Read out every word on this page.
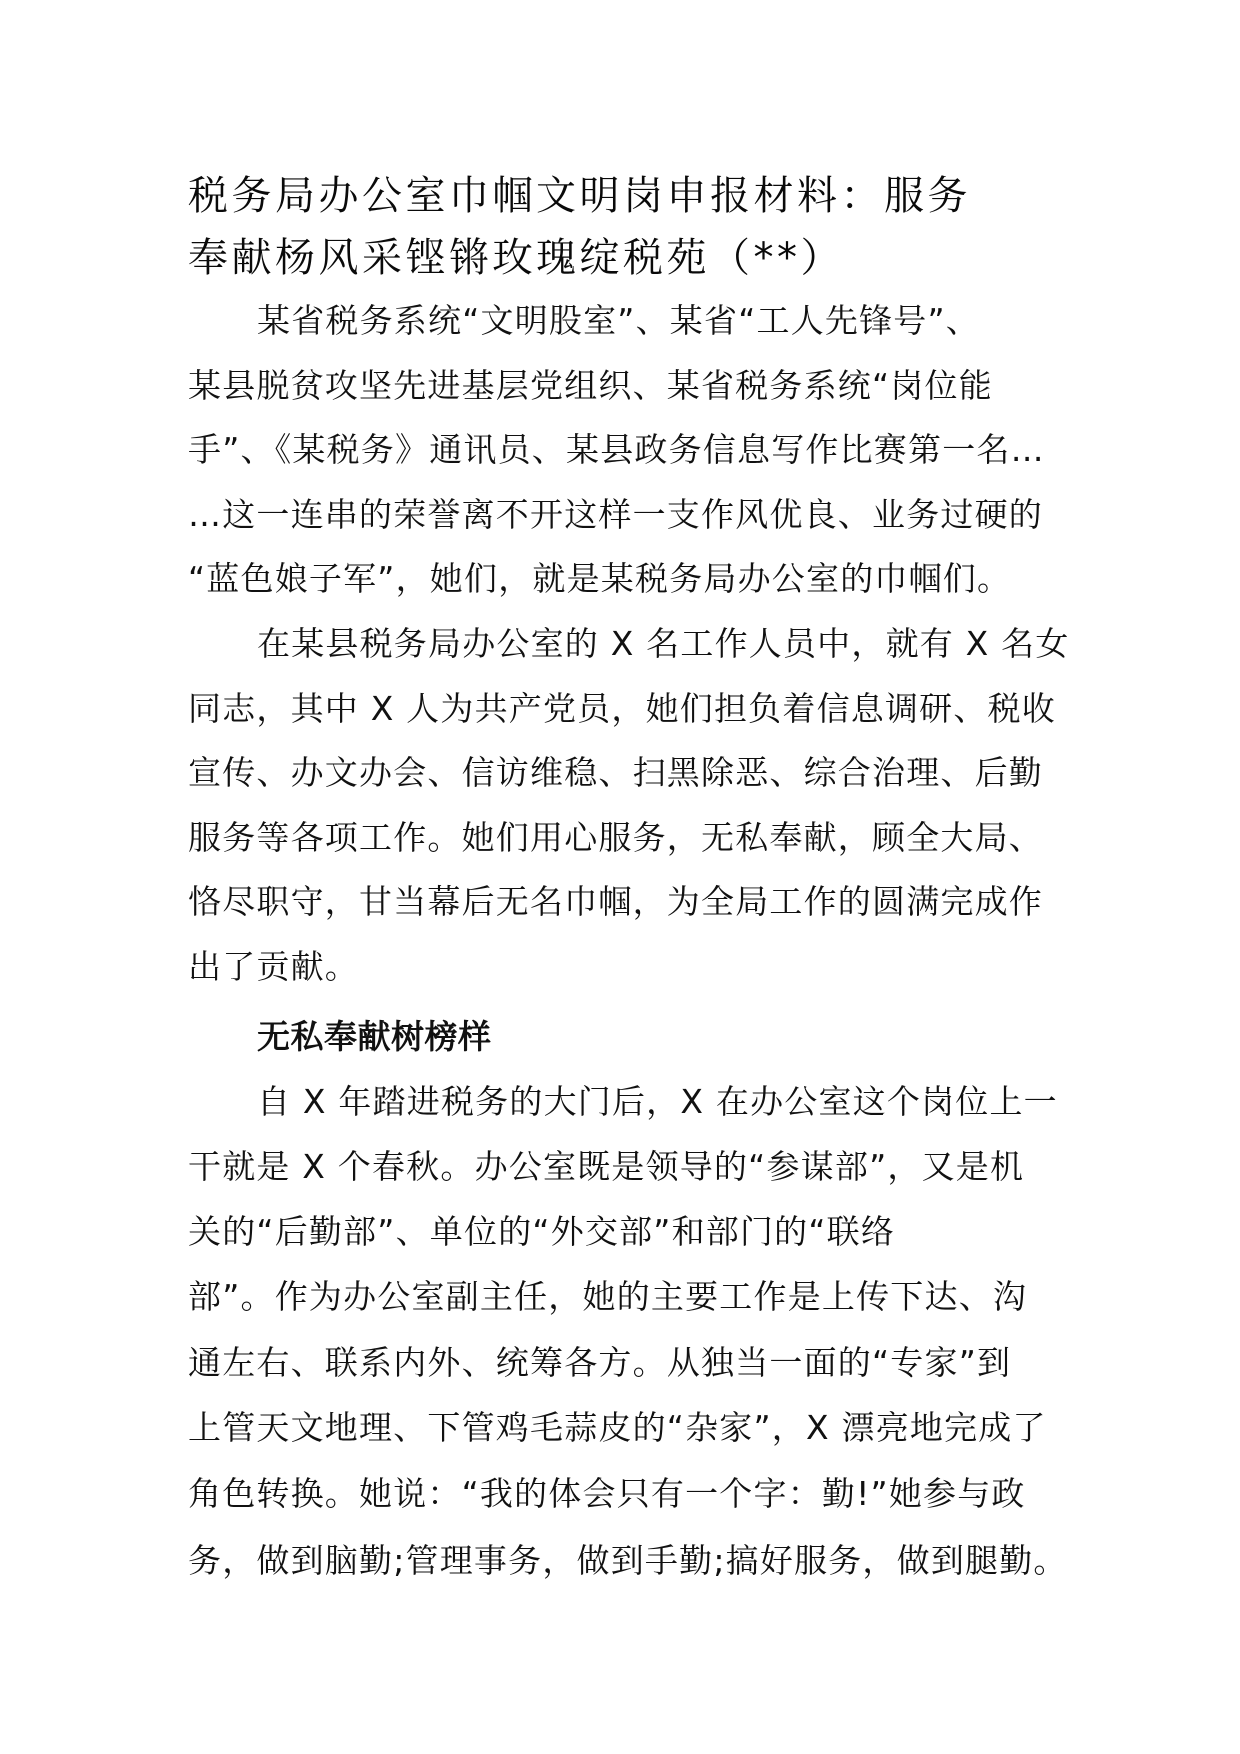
税务局办公室巾帼文明岗申报材料：服务
奉献杨风采铿锵玫瑰绽税苑（**）
某省税务系统“文明股室”、某省“工人先锋号”、
某县脱贫攻坚先进基层党组织、某省税务系统“岗位能
手”、《某税务》通讯员、某县政务信息写作比赛第一名…
…这一连串的荣誉离不开这样一支作风优良、业务过硬的
“蓝色娘子军”，她们，就是某税务局办公室的巾帼们。
在某县税务局办公室的 X 名工作人员中，就有 X 名女
同志，其中 X 人为共产党员，她们担负着信息调研、税收
宣传、办文办会、信访维稳、扫黑除恶、综合治理、后勤
服务等各项工作。她们用心服务，无私奉献，顾全大局、
恪尽职守，甘当幕后无名巾帼，为全局工作的圆满完成作
出了贡献。
无私奉献树榜样
自 X 年踏进税务的大门后，X 在办公室这个岗位上一
干就是 X 个春秋。办公室既是领导的“参谋部”，又是机
关的“后勤部”、单位的“外交部”和部门的“联络
部”。作为办公室副主任，她的主要工作是上传下达、沟
通左右、联系内外、统筹各方。从独当一面的“专家”到
上管天文地理、下管鸡毛蒜皮的“杂家”，X 漂亮地完成了
角色转换。她说：“我的体会只有一个字：勤!”她参与政
务，做到脑勤;管理事务，做到手勤;搞好服务，做到腿勤。
